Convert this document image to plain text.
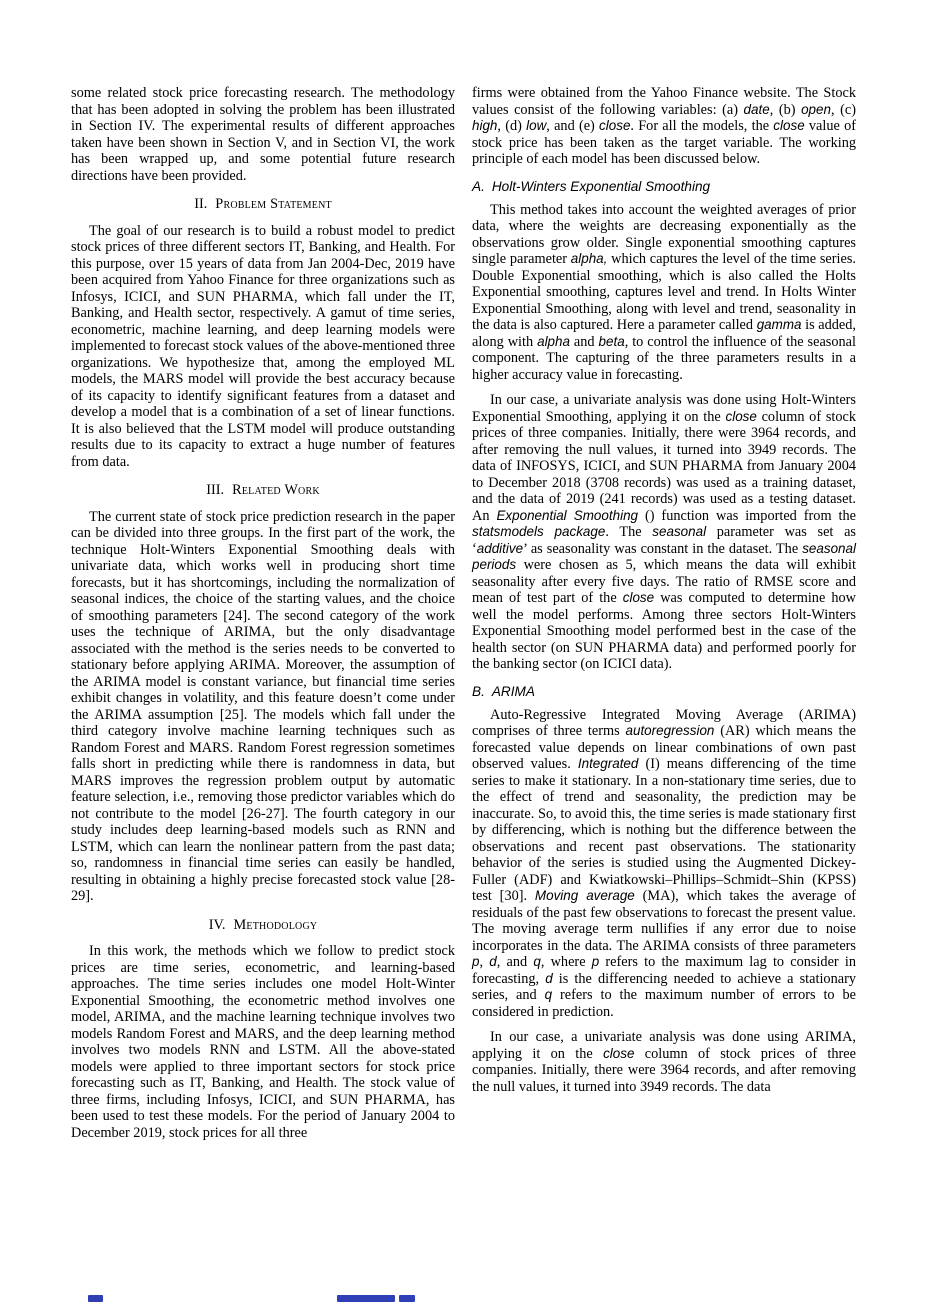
some related stock price forecasting research. The methodology that has been adopted in solving the problem has been illustrated in Section IV. The experimental results of different approaches taken have been shown in Section V, and in Section VI, the work has been wrapped up, and some potential future research directions have been provided.

II. Problem Statement

The goal of our research is to build a robust model to predict stock prices of three different sectors IT, Banking, and Health. For this purpose, over 15 years of data from Jan 2004-Dec, 2019 have been acquired from Yahoo Finance for three organizations such as Infosys, ICICI, and SUN PHARMA, which fall under the IT, Banking, and Health sector, respectively. A gamut of time series, econometric, machine learning, and deep learning models were implemented to forecast stock values of the above-mentioned three organizations. We hypothesize that, among the employed ML models, the MARS model will provide the best accuracy because of its capacity to identify significant features from a dataset and develop a model that is a combination of a set of linear functions. It is also believed that the LSTM model will produce outstanding results due to its capacity to extract a huge number of features from data.

III. Related Work

The current state of stock price prediction research in the paper can be divided into three groups. In the first part of the work, the technique Holt-Winters Exponential Smoothing deals with univariate data, which works well in producing short time forecasts, but it has shortcomings, including the normalization of seasonal indices, the choice of the starting values, and the choice of smoothing parameters [24]. The second category of the work uses the technique of ARIMA, but the only disadvantage associated with the method is the series needs to be converted to stationary before applying ARIMA. Moreover, the assumption of the ARIMA model is constant variance, but financial time series exhibit changes in volatility, and this feature doesn’t come under the ARIMA assumption [25]. The models which fall under the third category involve machine learning techniques such as Random Forest and MARS. Random Forest regression sometimes falls short in predicting while there is randomness in data, but MARS improves the regression problem output by automatic feature selection, i.e., removing those predictor variables which do not contribute to the model [26-27]. The fourth category in our study includes deep learning-based models such as RNN and LSTM, which can learn the nonlinear pattern from the past data; so, randomness in financial time series can easily be handled, resulting in obtaining a highly precise forecasted stock value [28-29].

IV. Methodology

In this work, the methods which we follow to predict stock prices are time series, econometric, and learning-based approaches. The time series includes one model Holt-Winter Exponential Smoothing, the econometric method involves one model, ARIMA, and the machine learning technique involves two models Random Forest and MARS, and the deep learning method involves two models RNN and LSTM. All the above-stated models were applied to three important sectors for stock price forecasting such as IT, Banking, and Health. The stock value of three firms, including Infosys, ICICI, and SUN PHARMA, has been used to test these models. For the period of January 2004 to December 2019, stock prices for all three

firms were obtained from the Yahoo Finance website. The Stock values consist of the following variables: (a) date, (b) open, (c) high, (d) low, and (e) close. For all the models, the close value of stock price has been taken as the target variable. The working principle of each model has been discussed below.

A. Holt-Winters Exponential Smoothing

This method takes into account the weighted averages of prior data, where the weights are decreasing exponentially as the observations grow older. Single exponential smoothing captures single parameter alpha, which captures the level of the time series. Double Exponential smoothing, which is also called the Holts Exponential smoothing, captures level and trend. In Holts Winter Exponential Smoothing, along with level and trend, seasonality in the data is also captured. Here a parameter called gamma is added, along with alpha and beta, to control the influence of the seasonal component. The capturing of the three parameters results in a higher accuracy value in forecasting.

In our case, a univariate analysis was done using Holt-Winters Exponential Smoothing, applying it on the close column of stock prices of three companies. Initially, there were 3964 records, and after removing the null values, it turned into 3949 records. The data of INFOSYS, ICICI, and SUN PHARMA from January 2004 to December 2018 (3708 records) was used as a training dataset, and the data of 2019 (241 records) was used as a testing dataset. An Exponential Smoothing () function was imported from the statsmodels package. The seasonal parameter was set as ‘additive’ as seasonality was constant in the dataset. The seasonal periods were chosen as 5, which means the data will exhibit seasonality after every five days. The ratio of RMSE score and mean of test part of the close was computed to determine how well the model performs. Among three sectors Holt-Winters Exponential Smoothing model performed best in the case of the health sector (on SUN PHARMA data) and performed poorly for the banking sector (on ICICI data).

B. ARIMA

Auto-Regressive Integrated Moving Average (ARIMA) comprises of three terms autoregression (AR) which means the forecasted value depends on linear combinations of own past observed values. Integrated (I) means differencing of the time series to make it stationary. In a non-stationary time series, due to the effect of trend and seasonality, the prediction may be inaccurate. So, to avoid this, the time series is made stationary first by differencing, which is nothing but the difference between the observations and recent past observations. The stationarity behavior of the series is studied using the Augmented Dickey-Fuller (ADF) and Kwiatkowski–Phillips–Schmidt–Shin (KPSS) test [30]. Moving average (MA), which takes the average of residuals of the past few observations to forecast the present value. The moving average term nullifies if any error due to noise incorporates in the data. The ARIMA consists of three parameters p, d, and q, where p refers to the maximum lag to consider in forecasting, d is the differencing needed to achieve a stationary series, and q refers to the maximum number of errors to be considered in prediction.

In our case, a univariate analysis was done using ARIMA, applying it on the close column of stock prices of three companies. Initially, there were 3964 records, and after removing the null values, it turned into 3949 records. The data
